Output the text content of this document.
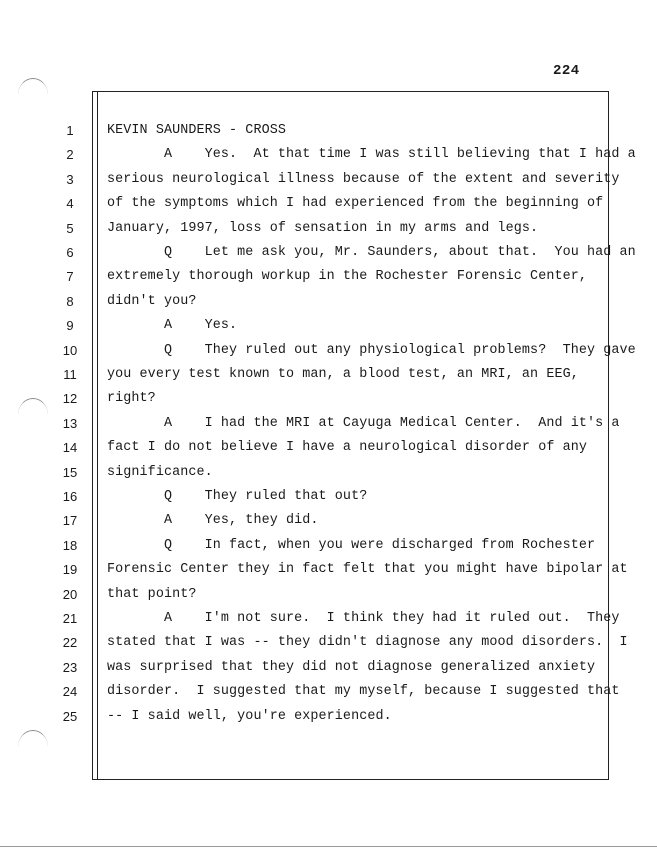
224
1	KEVIN SAUNDERS - CROSS
2	A    Yes.  At that time I was still believing that I had a
3	serious neurological illness because of the extent and severity
4	of the symptoms which I had experienced from the beginning of
5	January, 1997, loss of sensation in my arms and legs.
6	Q    Let me ask you, Mr. Saunders, about that.  You had an
7	extremely thorough workup in the Rochester Forensic Center,
8	didn't you?
9	A    Yes.
10	Q    They ruled out any physiological problems?  They gave
11	you every test known to man, a blood test, an MRI, an EEG,
12	right?
13	A    I had the MRI at Cayuga Medical Center.  And it's a
14	fact I do not believe I have a neurological disorder of any
15	significance.
16	Q    They ruled that out?
17	A    Yes, they did.
18	Q    In fact, when you were discharged from Rochester
19	Forensic Center they in fact felt that you might have bipolar at
20	that point?
21	A    I'm not sure.  I think they had it ruled out.  They
22	stated that I was -- they didn't diagnose any mood disorders.  I
23	was surprised that they did not diagnose generalized anxiety
24	disorder.  I suggested that my myself, because I suggested that
25	-- I said well, you're experienced.
